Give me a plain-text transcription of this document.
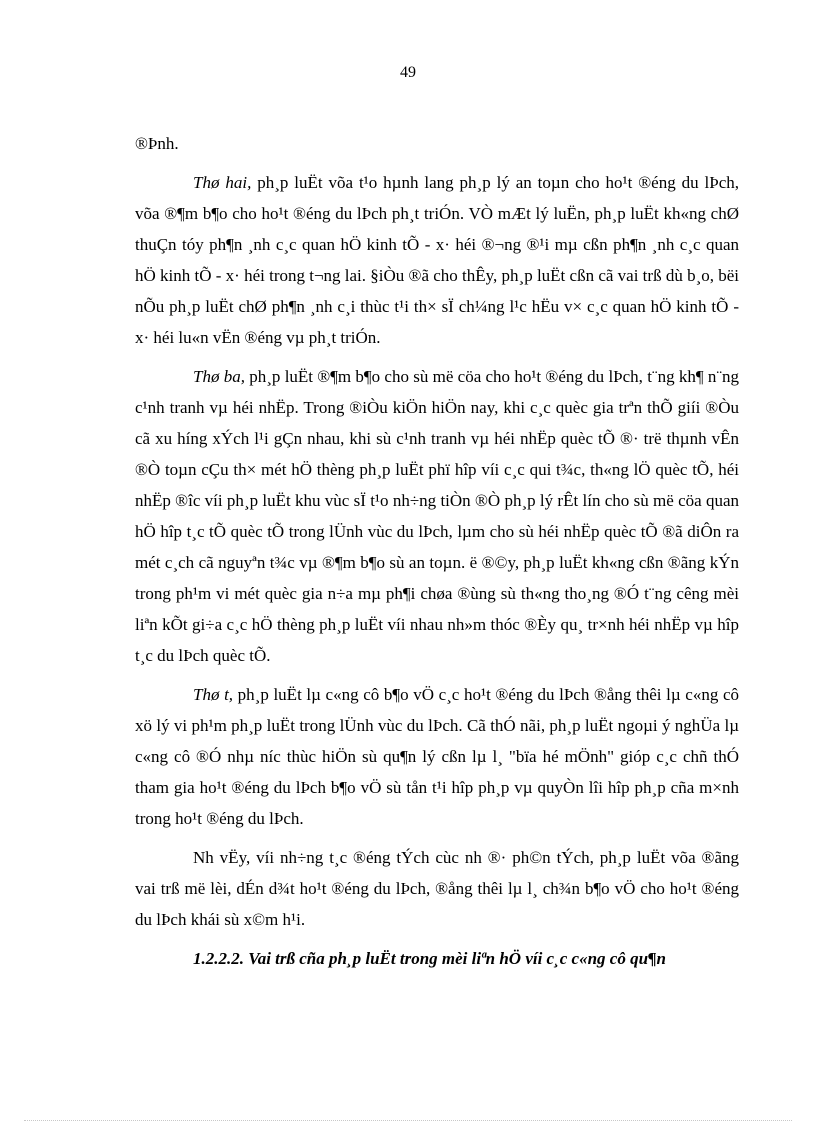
49

®Þnh.

Thø hai, ph¸p luËt võa t¹o hµnh lang ph¸p lý an toµn cho ho¹t ®éng du lÞch, võa ®¶m b¶o cho ho¹t ®éng du lÞch ph¸t triÓn. VÒ mÆt lý luËn, ph¸p luËt kh«ng chØ thuÇn tóy ph¶n ¸nh c¸c quan hÖ kinh tÕ - x· héi ®¬ng ®¹i mµ cßn ph¶n ¸nh c¸c quan hÖ kinh tÕ - x· héi trong t¬ng lai. §iÒu ®ã cho thÊy, ph¸p luËt cßn cã vai trß dù b¸o, bëi nÕu ph¸p luËt chØ ph¶n ¸nh c¸i thùc t¹i th× sÏ ch¼ng l¹c hËu v× c¸c quan hÖ kinh tÕ - x· héi lu«n vËn ®éng vµ ph¸t triÓn.

Thø ba, ph¸p luËt ®¶m b¶o cho sù më cöa cho ho¹t ®éng du lÞch, t¨ng kh¶ n¨ng c¹nh tranh vµ héi nhËp. Trong ®iÒu kiÖn hiÖn nay, khi c¸c quèc gia trªn thÕ giíi ®Òu cã xu híng xÝch l¹i gÇn nhau, khi sù c¹nh tranh vµ héi nhËp quèc tÕ ®· trë thµnh vÊn ®Ò toµn cÇu th× mét hÖ thèng ph¸p luËt phï hîp víi c¸c qui t¾c, th«ng lÖ quèc tÕ, héi nhËp ®îc víi ph¸p luËt khu vùc sÏ t¹o nh÷ng tiÒn ®Ò ph¸p lý rÊt lín cho sù më cöa quan hÖ hîp t¸c tÕ quèc tÕ trong lÜnh vùc du lÞch, lµm cho sù héi nhËp quèc tÕ ®ã diÔn ra mét c¸ch cã nguyªn t¾c vµ ®¶m b¶o sù an toµn. ë ®©y, ph¸p luËt kh«ng cßn ®ãng kÝn trong ph¹m vi mét quèc gia n÷a mµ ph¶i chøa ®ùng sù th«ng tho¸ng ®Ó t¨ng cêng mèi liªn kÕt gi÷a c¸c hÖ thèng ph¸p luËt víi nhau nh»m thóc ®Èy qu¸ tr×nh héi nhËp vµ hîp t¸c du lÞch quèc tÕ.

Thø t, ph¸p luËt lµ c«ng cô b¶o vÖ c¸c ho¹t ®éng du lÞch ®ång thêi lµ c«ng cô xö lý vi ph¹m ph¸p luËt trong lÜnh vùc du lÞch. Cã thÓ nãi, ph¸p luËt ngoµi ý nghÜa lµ c«ng cô ®Ó nhµ níc thùc hiÖn sù qu¶n lý cßn lµ l¸ "bïa hé mÖnh" gióp c¸c chñ thÓ tham gia ho¹t ®éng du lÞch b¶o vÖ sù tån t¹i hîp ph¸p vµ quyÒn lîi hîp ph¸p cña m×nh trong ho¹t ®éng du lÞch.

Nh vËy, víi nh÷ng t¸c ®éng tÝch cùc nh ®· ph©n tÝch, ph¸p luËt võa ®ãng vai trß më lèi, dÉn d¾t ho¹t ®éng du lÞch, ®ång thêi lµ l¸ ch¾n b¶o vÖ cho ho¹t ®éng du lÞch khái sù x©m h¹i.

1.2.2.2. Vai trß cña ph¸p luËt trong mèi liªn hÖ víi c¸c c«ng cô qu¶n
